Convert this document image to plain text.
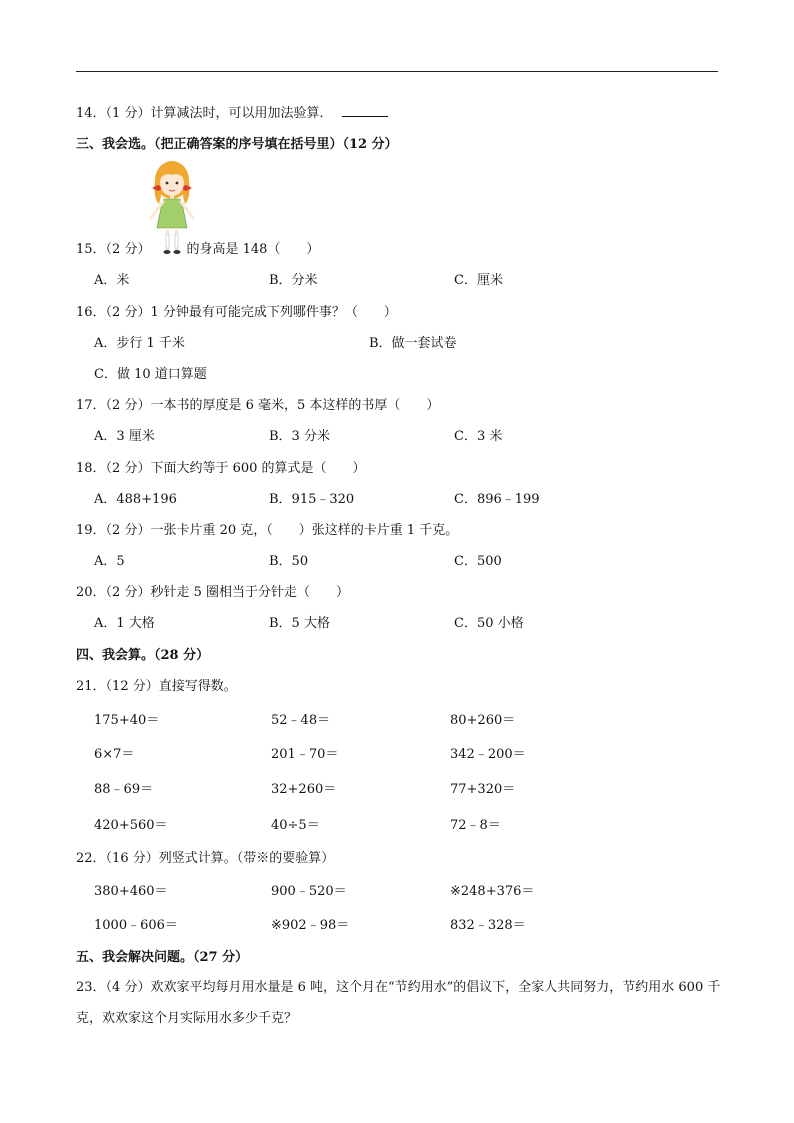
14．（1 分）计算减法时，可以用加法验算．
三、我会选。（把正确答案的序号填在括号里）（12 分）
15．（2 分）	的身高是 148（　　）
A．米	B．分米	C．厘米
16．（2 分）1 分钟最有可能完成下列哪件事？（　　）
A．步行 1 千米	B．做一套试卷
C．做 10 道口算题
17．（2 分）一本书的厚度是 6 毫米，5 本这样的书厚（　　）
A．3 厘米	B．3 分米	C．3 米
18．（2 分）下面大约等于 600 的算式是（　　）
A．488+196	B．915﹣320	C．896﹣199
19．（2 分）一张卡片重 20 克，（　　）张这样的卡片重 1 千克。
A．5	B．50	C．500
20．（2 分）秒针走 5 圈相当于分针走（　　）
A．1 大格	B．5 大格	C．50 小格
四、我会算。（28 分）
21．（12 分）直接写得数。
175+40＝	52﹣48＝	80+260＝
6×7＝	201﹣70＝	342﹣200＝
88﹣69＝	32+260＝	77+320＝
420+560＝	40÷5＝	72﹣8＝
22．（16 分）列竖式计算。（带※的要验算）
380+460＝	900﹣520＝	※248+376＝
1000﹣606＝	※902﹣98＝	832﹣328＝
五、我会解决问题。（27 分）
23．（4 分）欢欢家平均每月用水量是 6 吨，这个月在“节约用水”的倡议下，全家人共同努力，节约用水 600 千克，欢欢家这个月实际用水多少千克？
